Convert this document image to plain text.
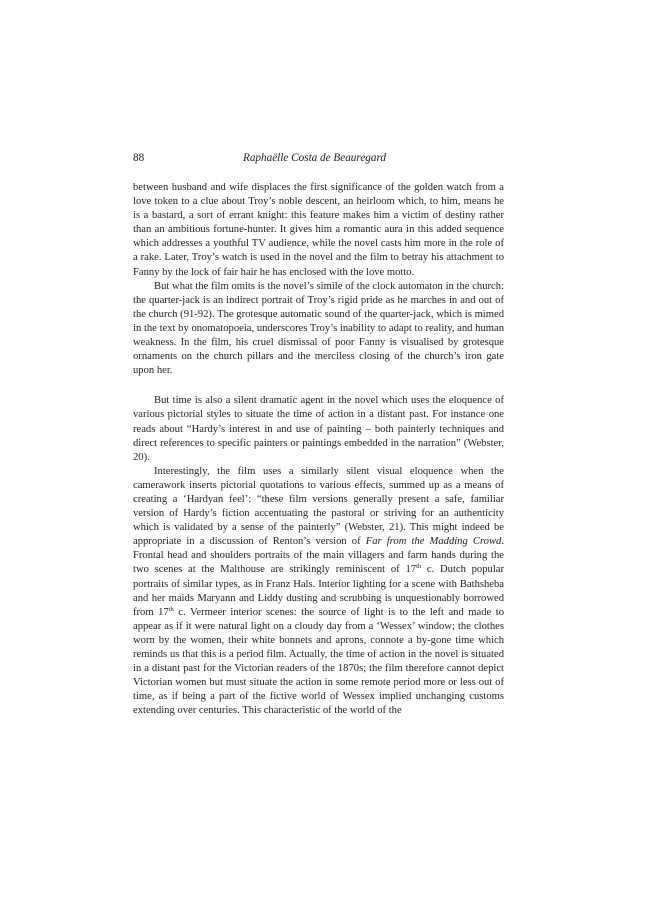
88	Raphaëlle Costa de Beauregard

between husband and wife displaces the first significance of the golden watch from a love token to a clue about Troy’s noble descent, an heirloom which, to him, means he is a bastard, a sort of errant knight: this feature makes him a victim of destiny rather than an ambitious fortune-hunter. It gives him a romantic aura in this added sequence which addresses a youthful TV audience, while the novel casts him more in the role of a rake. Later, Troy’s watch is used in the novel and the film to betray his attachment to Fanny by the lock of fair hair he has enclosed with the love motto.

But what the film omits is the novel’s simile of the clock automaton in the church: the quarter-jack is an indirect portrait of Troy’s rigid pride as he marches in and out of the church (91-92). The grotesque automatic sound of the quarter-jack, which is mimed in the text by onomatopoeia, underscores Troy’s inability to adapt to reality, and human weakness. In the film, his cruel dismissal of poor Fanny is visualised by grotesque ornaments on the church pillars and the merciless closing of the church’s iron gate upon her.

But time is also a silent dramatic agent in the novel which uses the eloquence of various pictorial styles to situate the time of action in a distant past. For instance one reads about “Hardy’s interest in and use of painting – both painterly techniques and direct references to specific painters or paintings embedded in the narration” (Webster, 20).

Interestingly, the film uses a similarly silent visual eloquence when the camerawork inserts pictorial quotations to various effects, summed up as a means of creating a ‘Hardyan feel’: “these film versions generally present a safe, familiar version of Hardy’s fiction accentuating the pastoral or striving for an authenticity which is validated by a sense of the painterly” (Webster, 21). This might indeed be appropriate in a discussion of Renton’s version of Far from the Madding Crowd. Frontal head and shoulders portraits of the main villagers and farm hands during the two scenes at the Malthouse are strikingly reminiscent of 17th c. Dutch popular portraits of similar types, as in Franz Hals. Interior lighting for a scene with Bathsheba and her maids Maryann and Liddy dusting and scrubbing is unquestionably borrowed from 17th c. Vermeer interior scenes: the source of light is to the left and made to appear as if it were natural light on a cloudy day from a ‘Wessex’ window; the clothes worn by the women, their white bonnets and aprons, connote a by-gone time which reminds us that this is a period film. Actually, the time of action in the novel is situated in a distant past for the Victorian readers of the 1870s; the film therefore cannot depict Victorian women but must situate the action in some remote period more or less out of time, as if being a part of the fictive world of Wessex implied unchanging customs extending over centuries. This characteristic of the world of the
